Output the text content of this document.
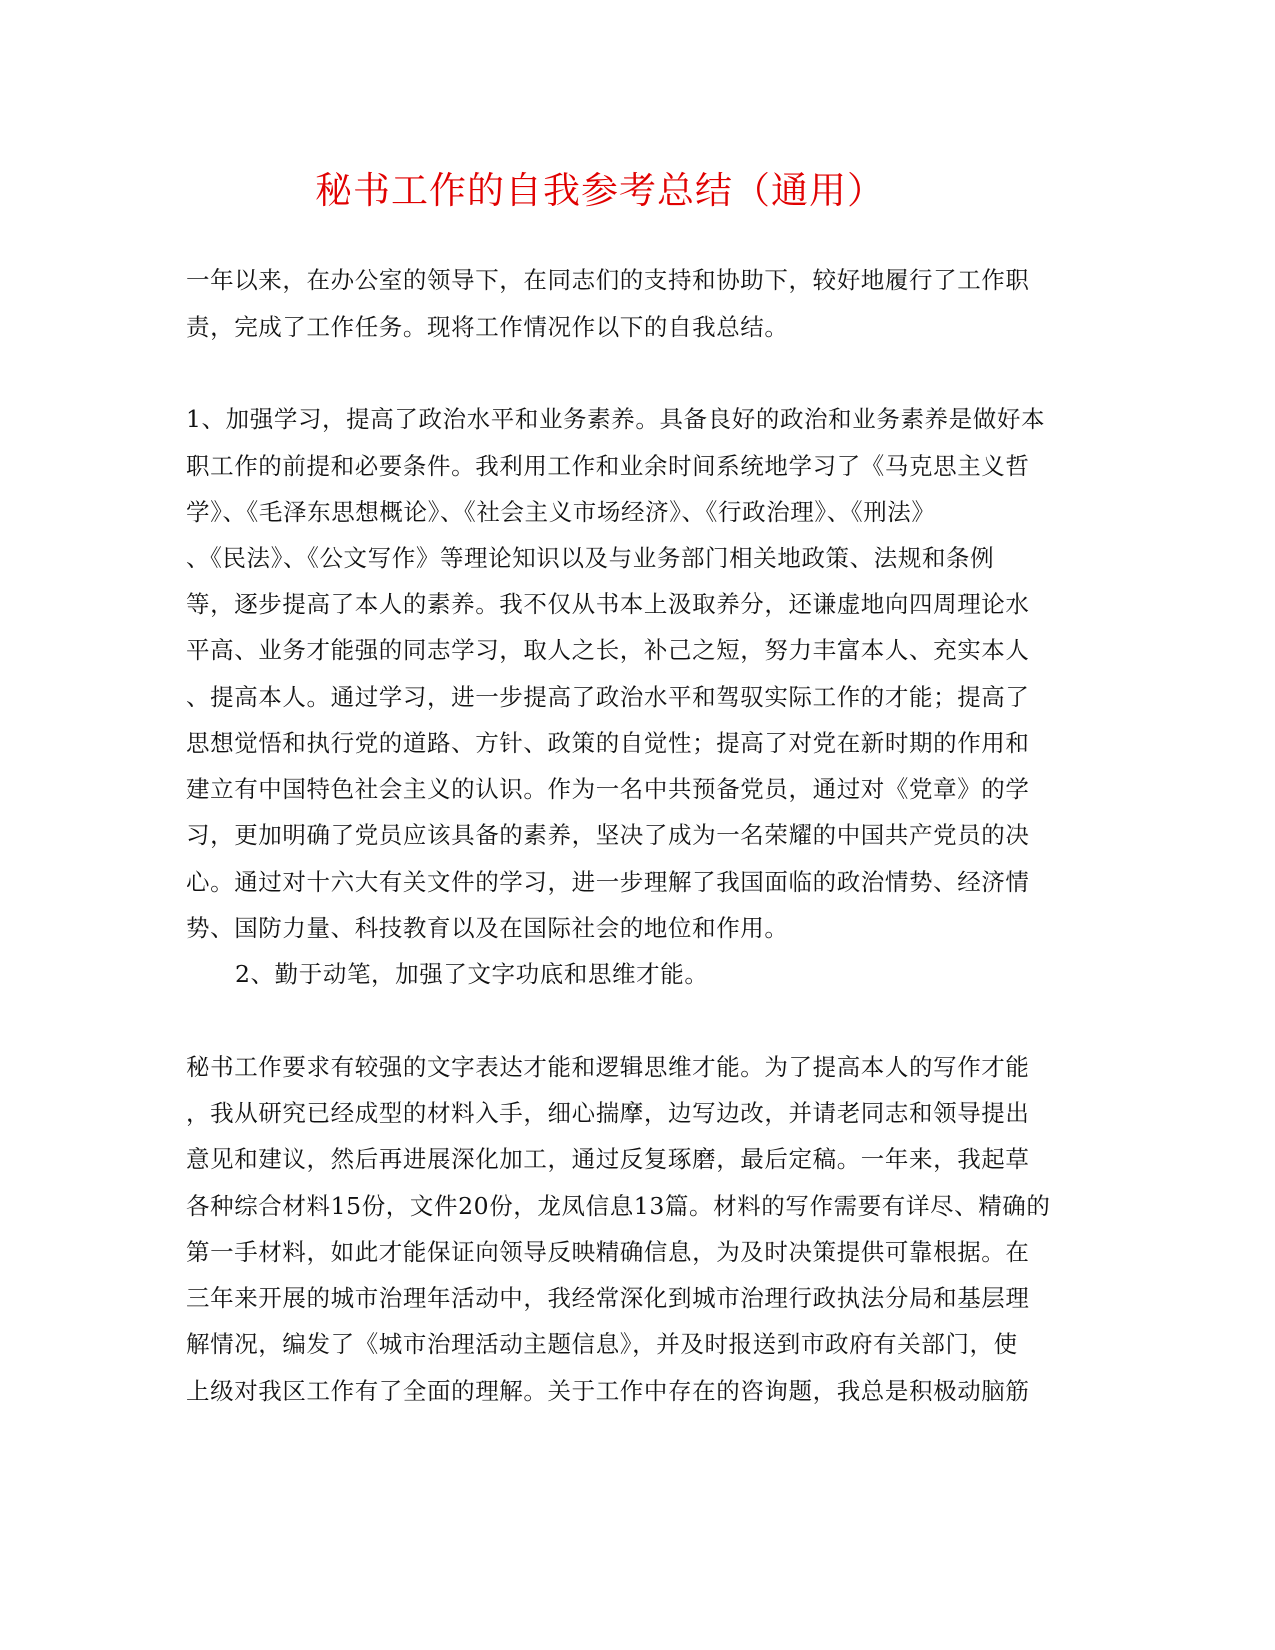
秘书工作的自我参考总结（通用）
一年以来，在办公室的领导下，在同志们的支持和协助下，较好地履行了工作职
责，完成了工作任务。现将工作情况作以下的自我总结。
1、加强学习，提高了政治水平和业务素养。具备良好的政治和业务素养是做好本
职工作的前提和必要条件。我利用工作和业余时间系统地学习了《马克思主义哲
学》、《毛泽东思想概论》、《社会主义市场经济》、《行政治理》、《刑法》
、《民法》、《公文写作》等理论知识以及与业务部门相关地政策、法规和条例
等，逐步提高了本人的素养。我不仅从书本上汲取养分，还谦虚地向四周理论水
平高、业务才能强的同志学习，取人之长，补己之短，努力丰富本人、充实本人
、提高本人。通过学习，进一步提高了政治水平和驾驭实际工作的才能；提高了
思想觉悟和执行党的道路、方针、政策的自觉性；提高了对党在新时期的作用和
建立有中国特色社会主义的认识。作为一名中共预备党员，通过对《党章》的学
习，更加明确了党员应该具备的素养，坚决了成为一名荣耀的中国共产党员的决
心。通过对十六大有关文件的学习，进一步理解了我国面临的政治情势、经济情
势、国防力量、科技教育以及在国际社会的地位和作用。
2、勤于动笔，加强了文字功底和思维才能。
秘书工作要求有较强的文字表达才能和逻辑思维才能。为了提高本人的写作才能
，我从研究已经成型的材料入手，细心揣摩，边写边改，并请老同志和领导提出
意见和建议，然后再进展深化加工，通过反复琢磨，最后定稿。一年来，我起草
各种综合材料15份，文件20份，龙凤信息13篇。材料的写作需要有详尽、精确的
第一手材料，如此才能保证向领导反映精确信息，为及时决策提供可靠根据。在
三年来开展的城市治理年活动中，我经常深化到城市治理行政执法分局和基层理
解情况，编发了《城市治理活动主题信息》，并及时报送到市政府有关部门，使
上级对我区工作有了全面的理解。关于工作中存在的咨询题，我总是积极动脑筋
